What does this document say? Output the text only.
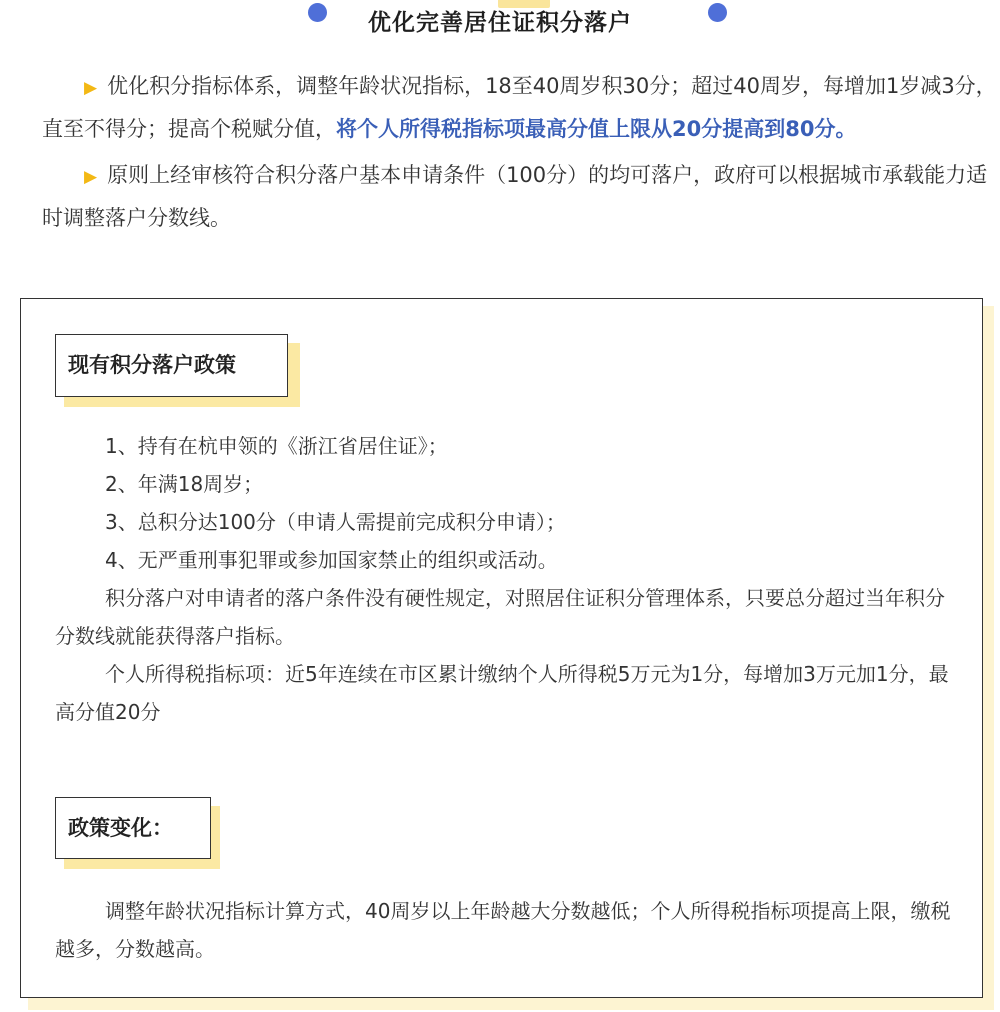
优化完善居住证积分落户

▶ 优化积分指标体系，调整年龄状况指标，18至40周岁积30分；超过40周岁，每增加1岁减3分，直至不得分；提高个税赋分值，将个人所得税指标项最高分值上限从20分提高到80分。

▶ 原则上经审核符合积分落户基本申请条件（100分）的均可落户，政府可以根据城市承载能力适时调整落户分数线。

现有积分落户政策
1、持有在杭申领的《浙江省居住证》；
2、年满18周岁；
3、总积分达100分（申请人需提前完成积分申请）；
4、无严重刑事犯罪或参加国家禁止的组织或活动。

积分落户对申请者的落户条件没有硬性规定，对照居住证积分管理体系，只要总分超过当年积分分数线就能获得落户指标。

个人所得税指标项：近5年连续在市区累计缴纳个人所得税5万元为1分，每增加3万元加1分，最高分值20分

政策变化：

调整年龄状况指标计算方式，40周岁以上年龄越大分数越低；个人所得税指标项提高上限，缴税越多，分数越高。
